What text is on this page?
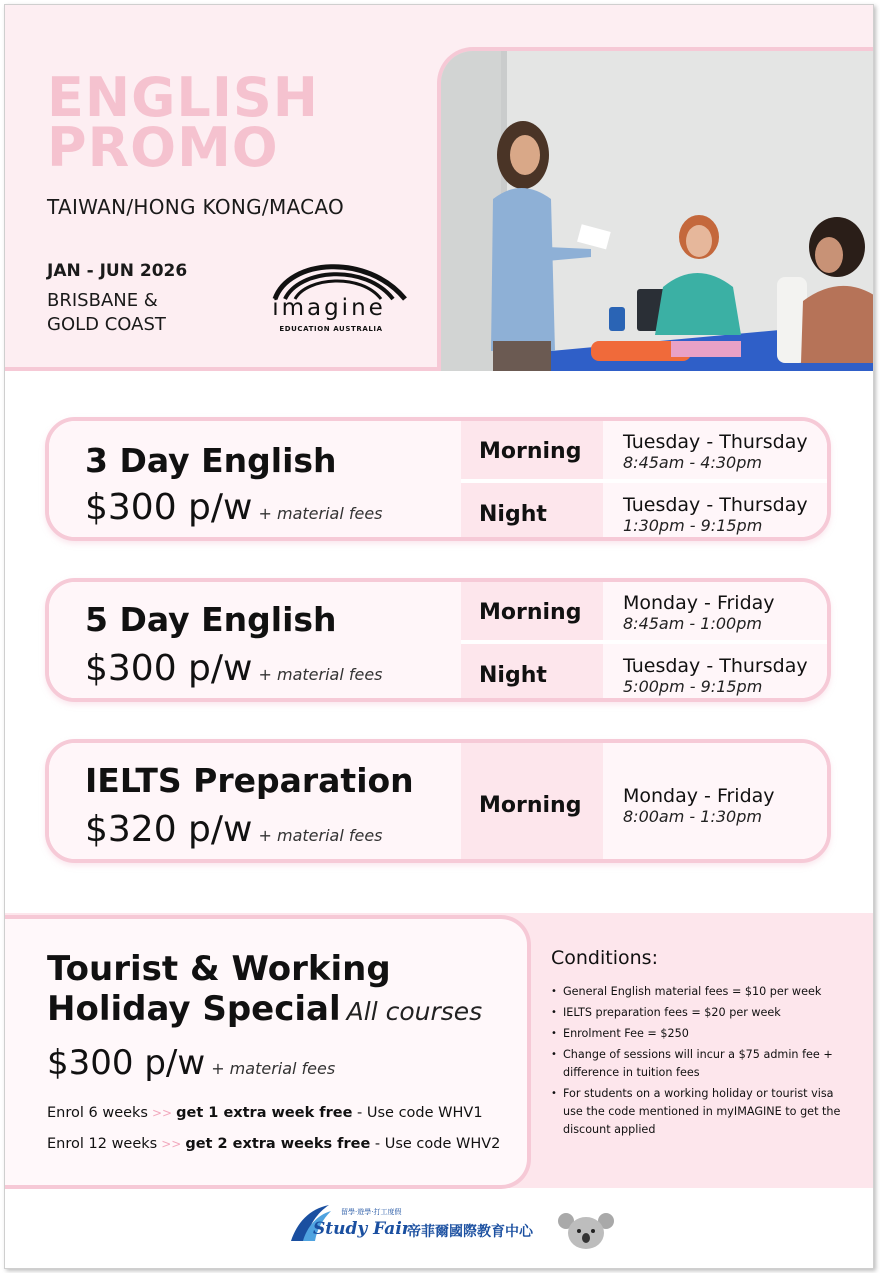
ENGLISH
PROMO
TAIWAN/HONG KONG/MACAO
JAN - JUN 2026
BRISBANE &
GOLD COAST
imagine
EDUCATION AUSTRALIA
3 Day English
$300 p/w + material fees
Morning	Tuesday - Thursday
8:45am - 4:30pm
Night	Tuesday - Thursday
1:30pm - 9:15pm
5 Day English
$300 p/w + material fees
Morning	Monday - Friday
8:45am - 1:00pm
Night	Tuesday - Thursday
5:00pm - 9:15pm
IELTS Preparation
$320 p/w + material fees
Morning	Monday - Friday
8:00am - 1:30pm
Tourist & Working
Holiday Special All courses
$300 p/w + material fees
Enrol 6 weeks >> get 1 extra week free - Use code WHV1
Enrol 12 weeks >> get 2 extra weeks free - Use code WHV2
Conditions:
• General English material fees = $10 per week
• IELTS preparation fees = $20 per week
• Enrolment Fee = $250
• Change of sessions will incur a $75 admin fee + difference in tuition fees
• For students on a working holiday or tourist visa use the code mentioned in myIMAGINE to get the discount applied
留學·遊學·打工度假
Study Fair
帝菲爾國際教育中心
